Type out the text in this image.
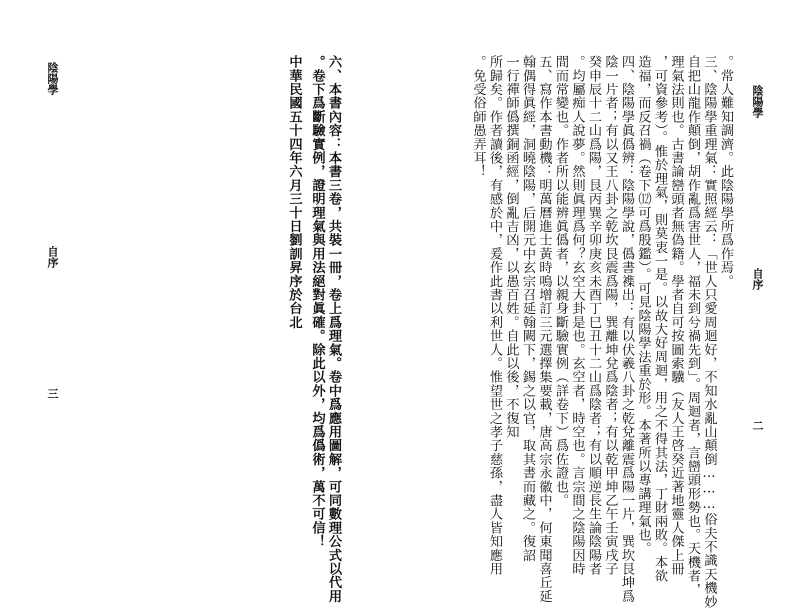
陰陽學
自序
二
。常人難知調濟。此陰陽學所爲作焉。
三、陰陽學重理氣：實照經云：「世人只愛周迴好，不知水亂山顛倒………俗夫不識天機妙
自把山龍作顛倒，胡作亂爲害世人，福未到兮禍先到」。周迴者，言巒頭形勢也。天機者，
理氣法則也。古書論巒頭者無偽籍。學者自可按圖索驥（友人王啓癸近著地靈人傑上冊
，可資參考）。惟於理氣，則莫衷一是。以故大好周迴，用之不得其法，丁財兩敗。本欲
造福，而反召禍（卷下⑿可爲殷鑑）。可見陰陽學法重於形。本著所以專講理氣也。
四、陰陽學眞僞辨：陰陽學說，僞書襍出：有以伏羲八卦之乾兌離震爲陽一片，巽坎艮坤爲
陰一片者；有以又王八卦之乾坎艮震爲陽，巽離坤兌爲陰者；有以乾甲坤乙午壬寅戌子
癸申辰十二山爲陽，艮丙巽辛卯庚亥未酉丁巳丑十二山爲陰者；有以順逆長生論陰陽者
。均屬痴人說夢。然則眞理爲何？玄空大卦是也。玄空者，時空也。言宗間之陰陽因時
間而常變也。作者所以能辨眞僞者，以親身斷驗實例（詳卷下）爲佐證也。
五、寫作本書動機：明萬曆進士黃時鳴增訂三元選擇集要載，唐高宗永徽中，何東聞喜丘延
翰偶得眞經，洞曉陰陽，后開元中玄宗召延翰闕下，錫之以官，取其書而藏之。復詔
一行禪師僞撰銅函經，倒亂吉凶，以愚百姓。自此以後，不復知
所歸矣。作者讀後，有感於中，爰作此書以利世人。惟望世之孝子慈孫，盡人皆知應用
。免受俗師愚弄耳！
六、本書內容：本書三卷，共裝一冊，卷上爲理氣。卷中爲應用圖解，可同數理公式以代用
。卷下爲斷驗實例，證明理氣與用法絕對眞確。除此以外，均爲僞術，萬不可信！
中華民國五十四年六月三十日劉訓昇序於台北
陰陽學
自序
三
